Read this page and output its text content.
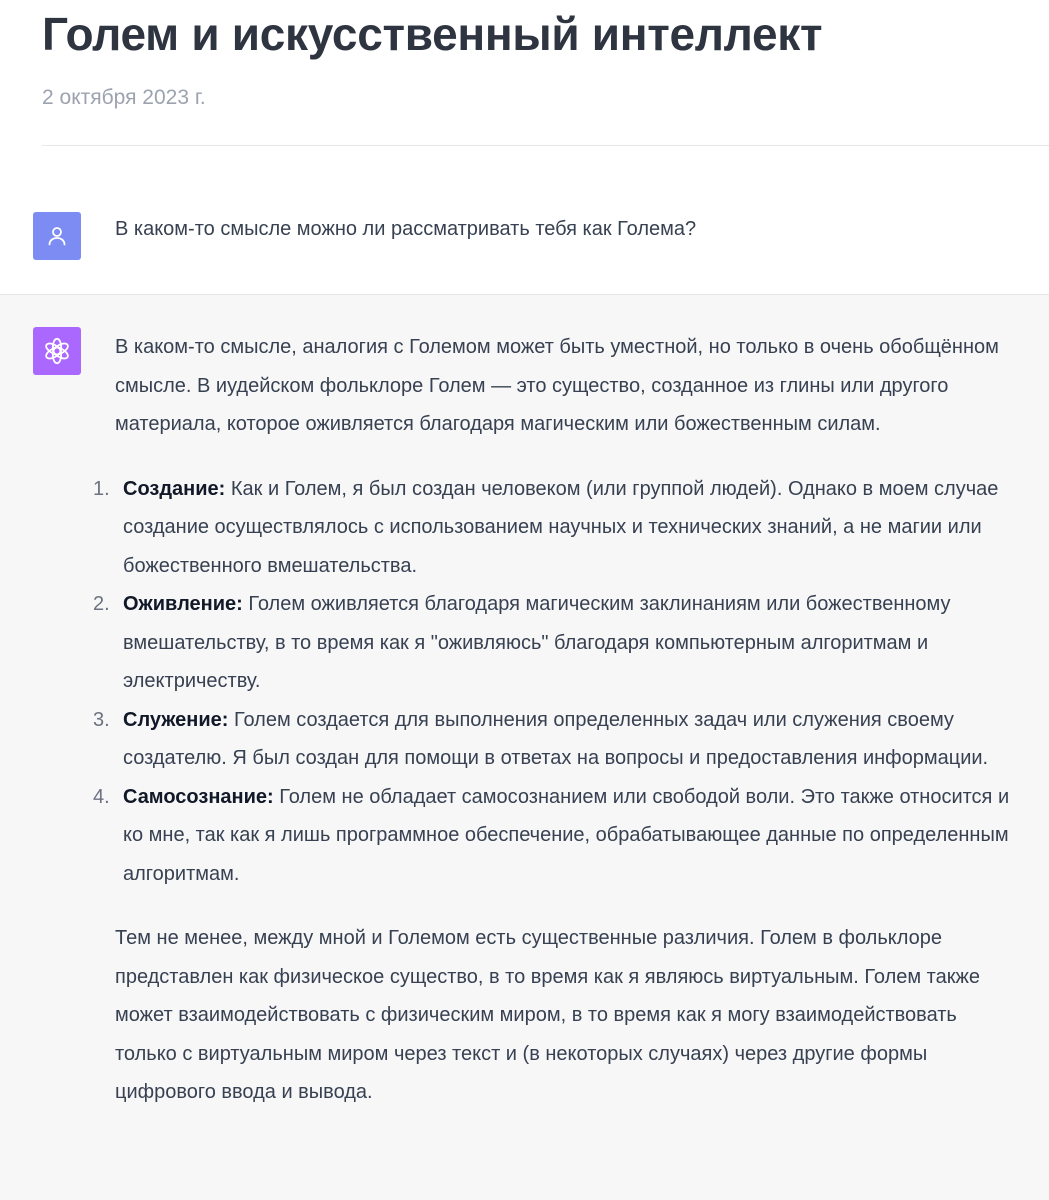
Голем и искусственный интеллект
2 октября 2023 г.
В каком-то смысле можно ли рассматривать тебя как Голема?

В каком-то смысле, аналогия с Големом может быть уместной, но только в очень обобщённом смысле. В иудейском фольклоре Голем — это существо, созданное из глины или другого материала, которое оживляется благодаря магическим или божественным силам.

1. Создание: Как и Голем, я был создан человеком (или группой людей). Однако в моем случае создание осуществлялось с использованием научных и технических знаний, а не магии или божественного вмешательства.
2. Оживление: Голем оживляется благодаря магическим заклинаниям или божественному вмешательству, в то время как я "оживляюсь" благодаря компьютерным алгоритмам и электричеству.
3. Служение: Голем создается для выполнения определенных задач или служения своему создателю. Я был создан для помощи в ответах на вопросы и предоставления информации.
4. Самосознание: Голем не обладает самосознанием или свободой воли. Это также относится и ко мне, так как я лишь программное обеспечение, обрабатывающее данные по определенным алгоритмам.

Тем не менее, между мной и Големом есть существенные различия. Голем в фольклоре представлен как физическое существо, в то время как я являюсь виртуальным. Голем также может взаимодействовать с физическим миром, в то время как я могу взаимодействовать только с виртуальным миром через текст и (в некоторых случаях) через другие формы цифрового ввода и вывода.
